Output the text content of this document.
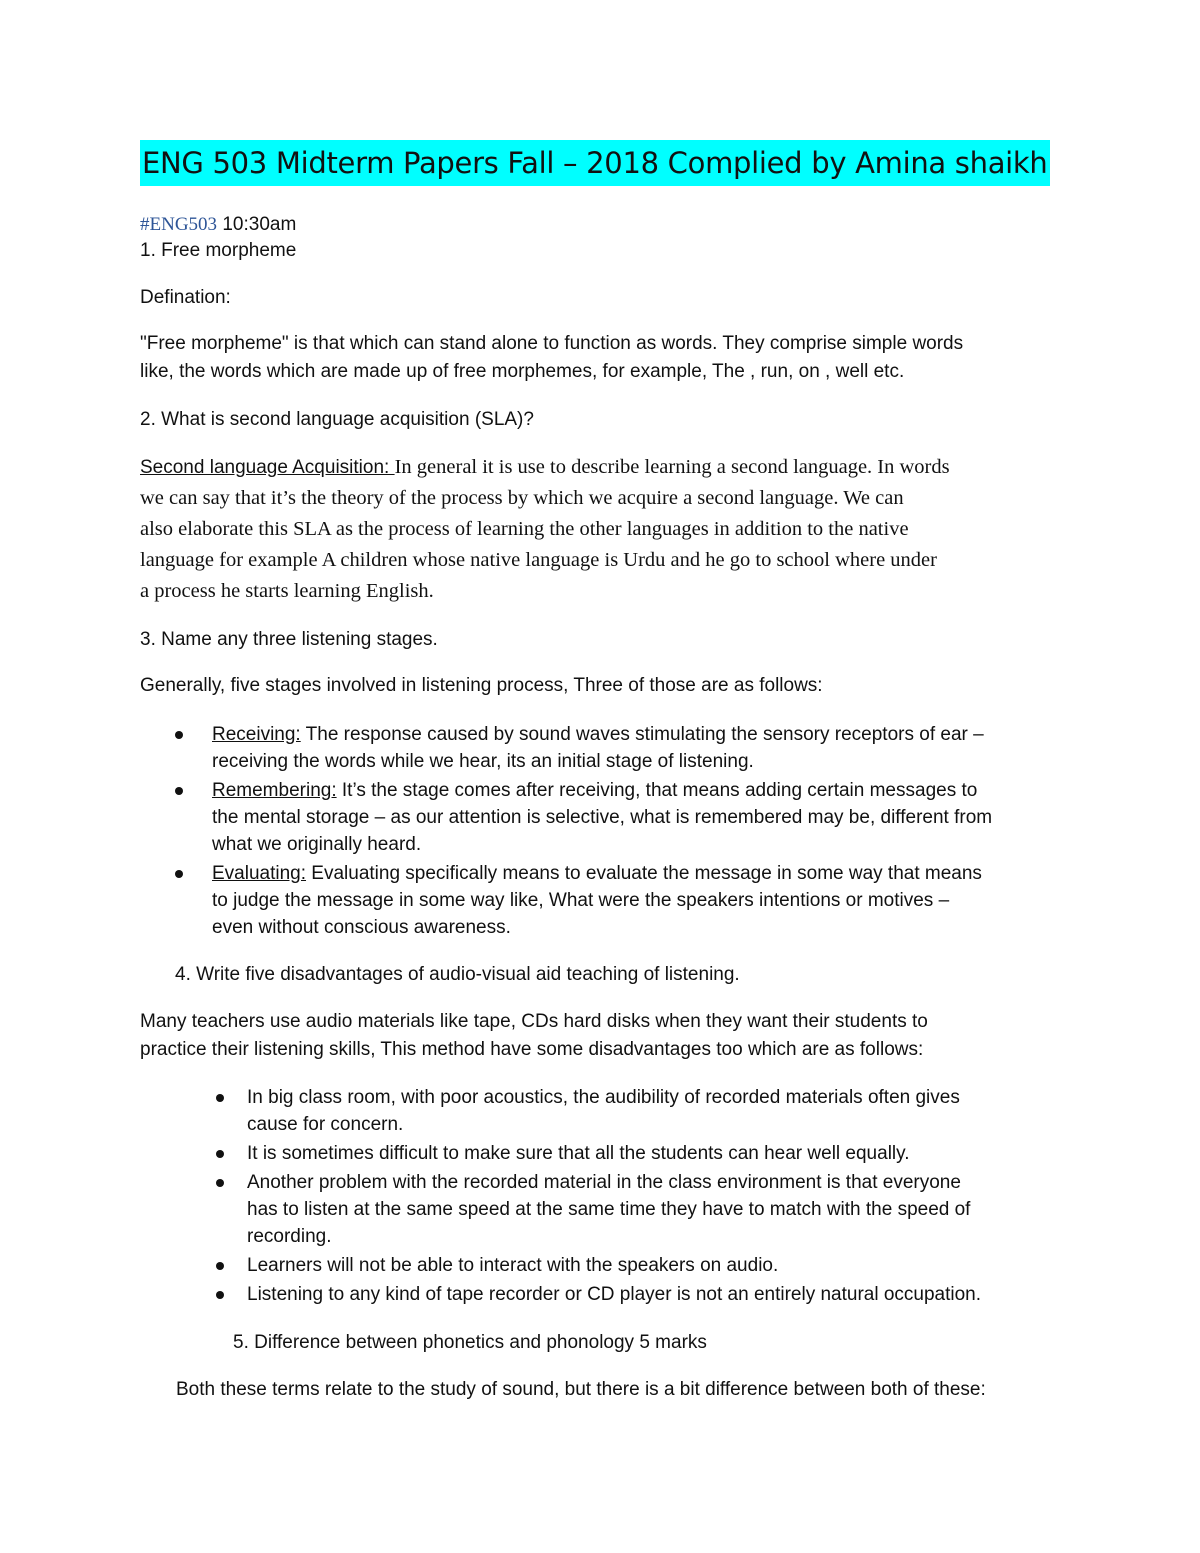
ENG 503 Midterm Papers Fall – 2018 Complied by Amina shaikh
#ENG503 10:30am
1. Free morpheme
Defination:
"Free morpheme" is that which can stand alone to function as words. They comprise simple words
like, the words which are made up of free morphemes, for example, The , run, on , well etc.
2. What is second language acquisition (SLA)?
Second language Acquisition: In general it is use to describe learning a second language. In words
we can say that it’s the theory of the process by which we acquire a second language. We can
also elaborate this SLA as the process of learning the other languages in addition to the native
language for example A children whose native language is Urdu and he go to school where under
a process he starts learning English.
3. Name any three listening stages.
Generally, five stages involved in listening process, Three of those are as follows:
Receiving: The response caused by sound waves stimulating the sensory receptors of ear –
receiving the words while we hear, its an initial stage of listening.
Remembering: It’s the stage comes after receiving, that means adding certain messages to
the mental storage – as our attention is selective, what is remembered may be, different from
what we originally heard.
Evaluating: Evaluating specifically means to evaluate the message in some way that means
to judge the message in some way like, What were the speakers intentions or motives –
even without conscious awareness.
4. Write five disadvantages of audio-visual aid teaching of listening.
Many teachers use audio materials like tape, CDs hard disks when they want their students to
practice their listening skills, This method have some disadvantages too which are as follows:
In big class room, with poor acoustics, the audibility of recorded materials often gives
cause for concern.
It is sometimes difficult to make sure that all the students can hear well equally.
Another problem with the recorded material in the class environment is that everyone
has to listen at the same speed at the same time they have to match with the speed of
recording.
Learners will not be able to interact with the speakers on audio.
Listening to any kind of tape recorder or CD player is not an entirely natural occupation.
5. Difference between phonetics and phonology 5 marks
Both these terms relate to the study of sound, but there is a bit difference between both of these:
